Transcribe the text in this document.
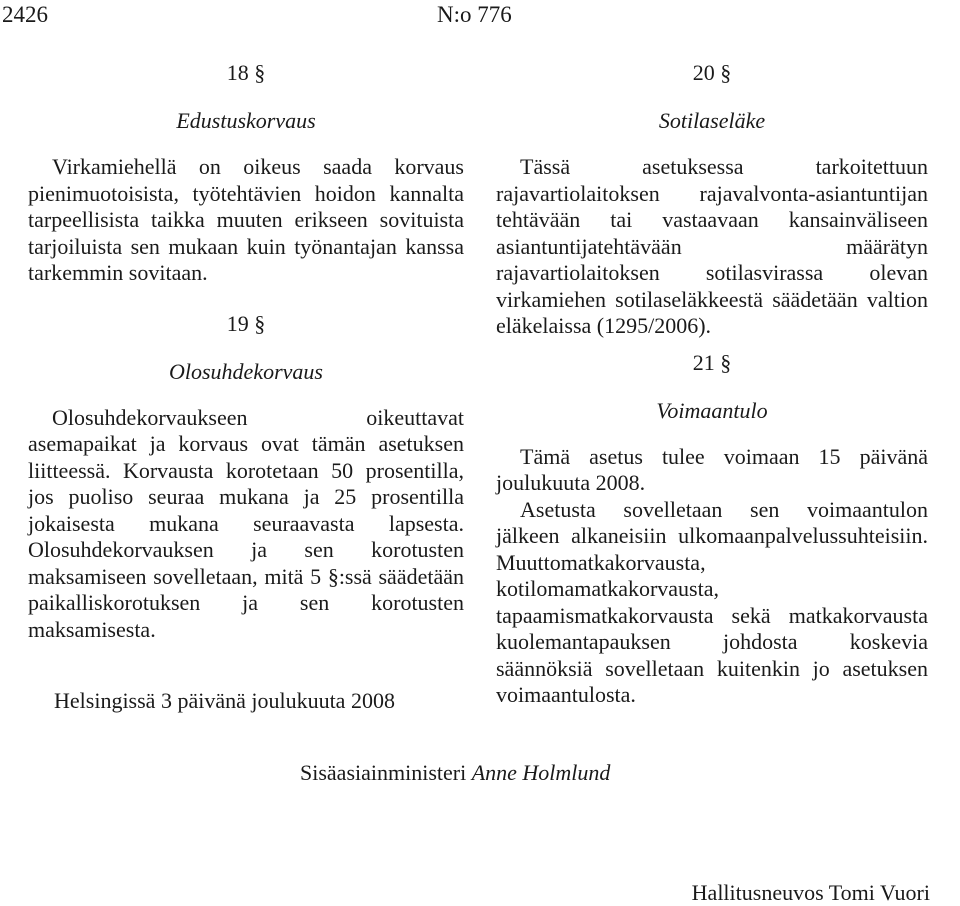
2426	N:o 776
18 §
Edustuskorvaus

Virkamiehellä on oikeus saada korvaus pienimuotoisista, työtehtävien hoidon kannalta tarpeellisista taikka muuten erikseen sovituista tarjoiluista sen mukaan kuin työnantajan kanssa tarkemmin sovitaan.

19 §
Olosuhdekorvaus

Olosuhdekorvaukseen oikeuttavat asemapaikat ja korvaus ovat tämän asetuksen liitteessä. Korvausta korotetaan 50 prosentilla, jos puoliso seuraa mukana ja 25 prosentilla jokaisesta mukana seuraavasta lapsesta. Olosuhdekorvauksen ja sen korotusten maksamiseen sovelletaan, mitä 5 §:ssä säädetään paikalliskorotuksen ja sen korotusten maksamisesta.

20 §
Sotilaseläke

Tässä asetuksessa tarkoitettuun rajavartiolaitoksen rajavalvonta-asiantuntijan tehtävään tai vastaavaan kansainväliseen asiantuntijatehtävään määrätyn rajavartiolaitoksen sotilasvirassa olevan virkamiehen sotilaseläkkeestä säädetään valtion eläkelaissa (1295/2006).

21 §
Voimaantulo

Tämä asetus tulee voimaan 15 päivänä joulukuuta 2008.

Asetusta sovelletaan sen voimaantulon jälkeen alkaneisiin ulkomaanpalvelussuhteisiin. Muuttomatkakorvausta, kotilomamatkakorvausta, tapaamismatkakorvausta sekä matkakorvausta kuolemantapauksen johdosta koskevia säännöksiä sovelletaan kuitenkin jo asetuksen voimaantulosta.

Helsingissä 3 päivänä joulukuuta 2008
Sisäasiainministeri Anne Holmlund
Hallitusneuvos Tomi Vuori
